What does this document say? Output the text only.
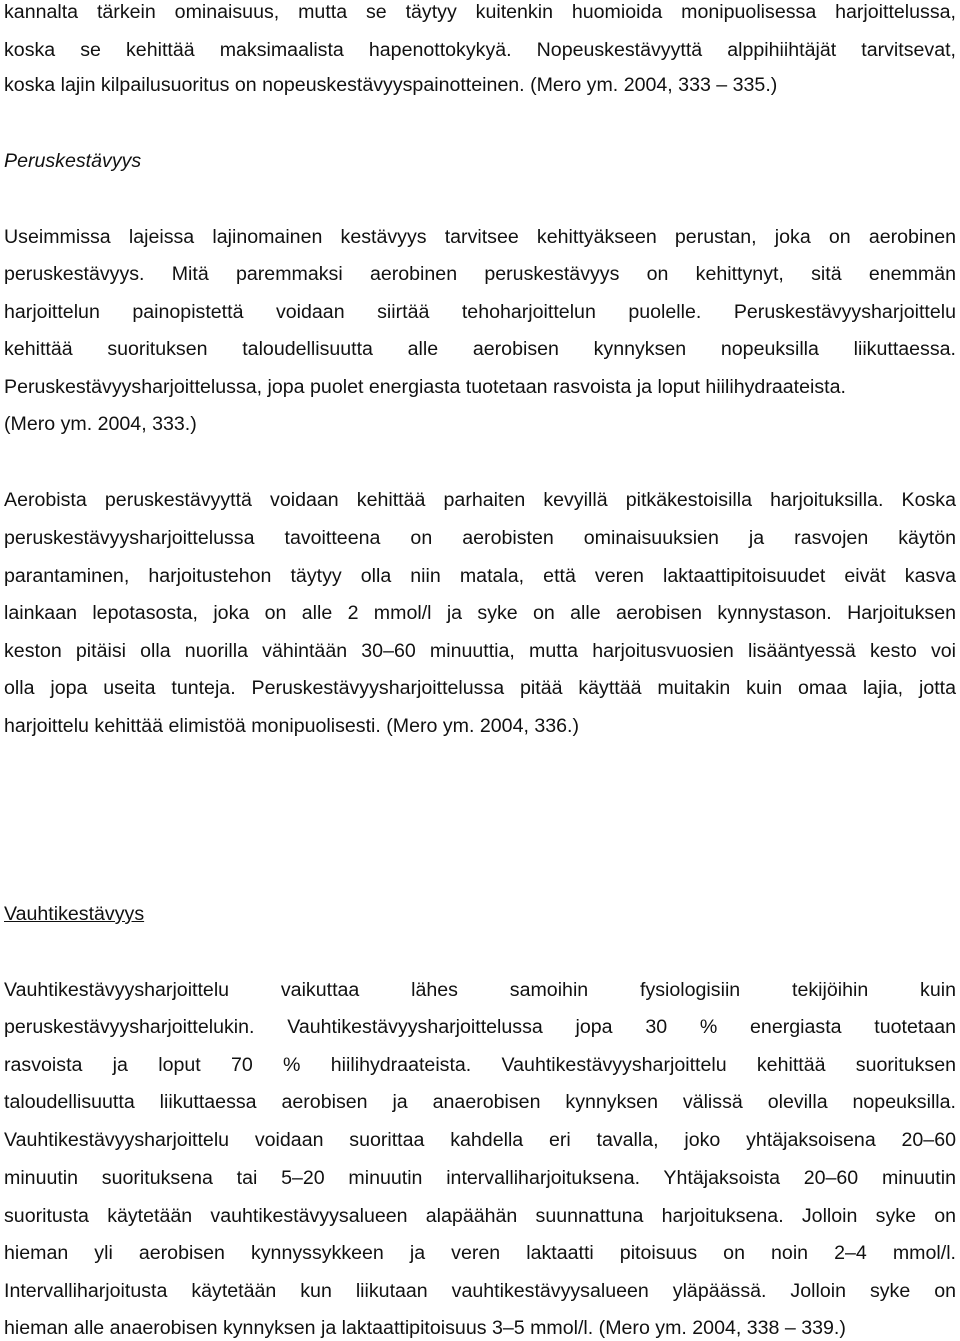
kannalta tärkein ominaisuus, mutta se täytyy kuitenkin huomioida monipuolisessa harjoittelussa,
koska se kehittää maksimaalista hapenottokykyä. Nopeuskestävyyttä alppihiihtäjät tarvitsevat,
koska lajin kilpailusuoritus on nopeuskestävyyspainotteinen. (Mero ym. 2004, 333 – 335.)
Peruskestävyys
Useimmissa lajeissa lajinomainen kestävyys tarvitsee kehittyäkseen perustan, joka on aerobinen
peruskestävyys. Mitä paremmaksi aerobinen peruskestävyys on kehittynyt, sitä enemmän
harjoittelun painopistettä voidaan siirtää tehoharjoittelun puolelle. Peruskestävyysharjoittelu
kehittää suorituksen taloudellisuutta alle aerobisen kynnyksen nopeuksilla liikuttaessa.
Peruskestävyysharjoittelussa, jopa puolet energiasta tuotetaan rasvoista ja loput hiilihydraateista.
(Mero ym. 2004, 333.)
Aerobista peruskestävyyttä voidaan kehittää parhaiten kevyillä pitkäkestoisilla harjoituksilla. Koska
peruskestävyysharjoittelussa tavoitteena on aerobisten ominaisuuksien ja rasvojen käytön
parantaminen, harjoitustehon täytyy olla niin matala, että veren laktaattipitoisuudet eivät kasva
lainkaan lepotasosta, joka on alle 2 mmol/l ja syke on alle aerobisen kynnystason. Harjoituksen
keston pitäisi olla nuorilla vähintään 30–60 minuuttia, mutta harjoitusvuosien lisääntyessä kesto voi
olla jopa useita tunteja. Peruskestävyysharjoittelussa pitää käyttää muitakin kuin omaa lajia, jotta
harjoittelu kehittää elimistöä monipuolisesti. (Mero ym. 2004, 336.)
Vauhtikestävyys
Vauhtikestävyysharjoittelu vaikuttaa lähes samoihin fysiologisiin tekijöihin kuin
peruskestävyysharjoittelukin. Vauhtikestävyysharjoittelussa jopa 30 % energiasta tuotetaan
rasvoista ja loput 70 % hiilihydraateista. Vauhtikestävyysharjoittelu kehittää suorituksen
taloudellisuutta liikuttaessa aerobisen ja anaerobisen kynnyksen välissä olevilla nopeuksilla.
Vauhtikestävyysharjoittelu voidaan suorittaa kahdella eri tavalla, joko yhtäjaksoisena 20–60
minuutin suorituksena tai 5–20 minuutin intervalliharjoituksena. Yhtäjaksoista 20–60 minuutin
suoritusta käytetään vauhtikestävyysalueen alapäähän suunnattuna harjoituksena. Jolloin syke on
hieman yli aerobisen kynnyssykkeen ja veren laktaatti pitoisuus on noin 2–4 mmol/l.
Intervalliharjoitusta käytetään kun liikutaan vauhtikestävyysalueen yläpäässä. Jolloin syke on
hieman alle anaerobisen kynnyksen ja laktaattipitoisuus 3–5 mmol/l. (Mero ym. 2004, 338 – 339.)
